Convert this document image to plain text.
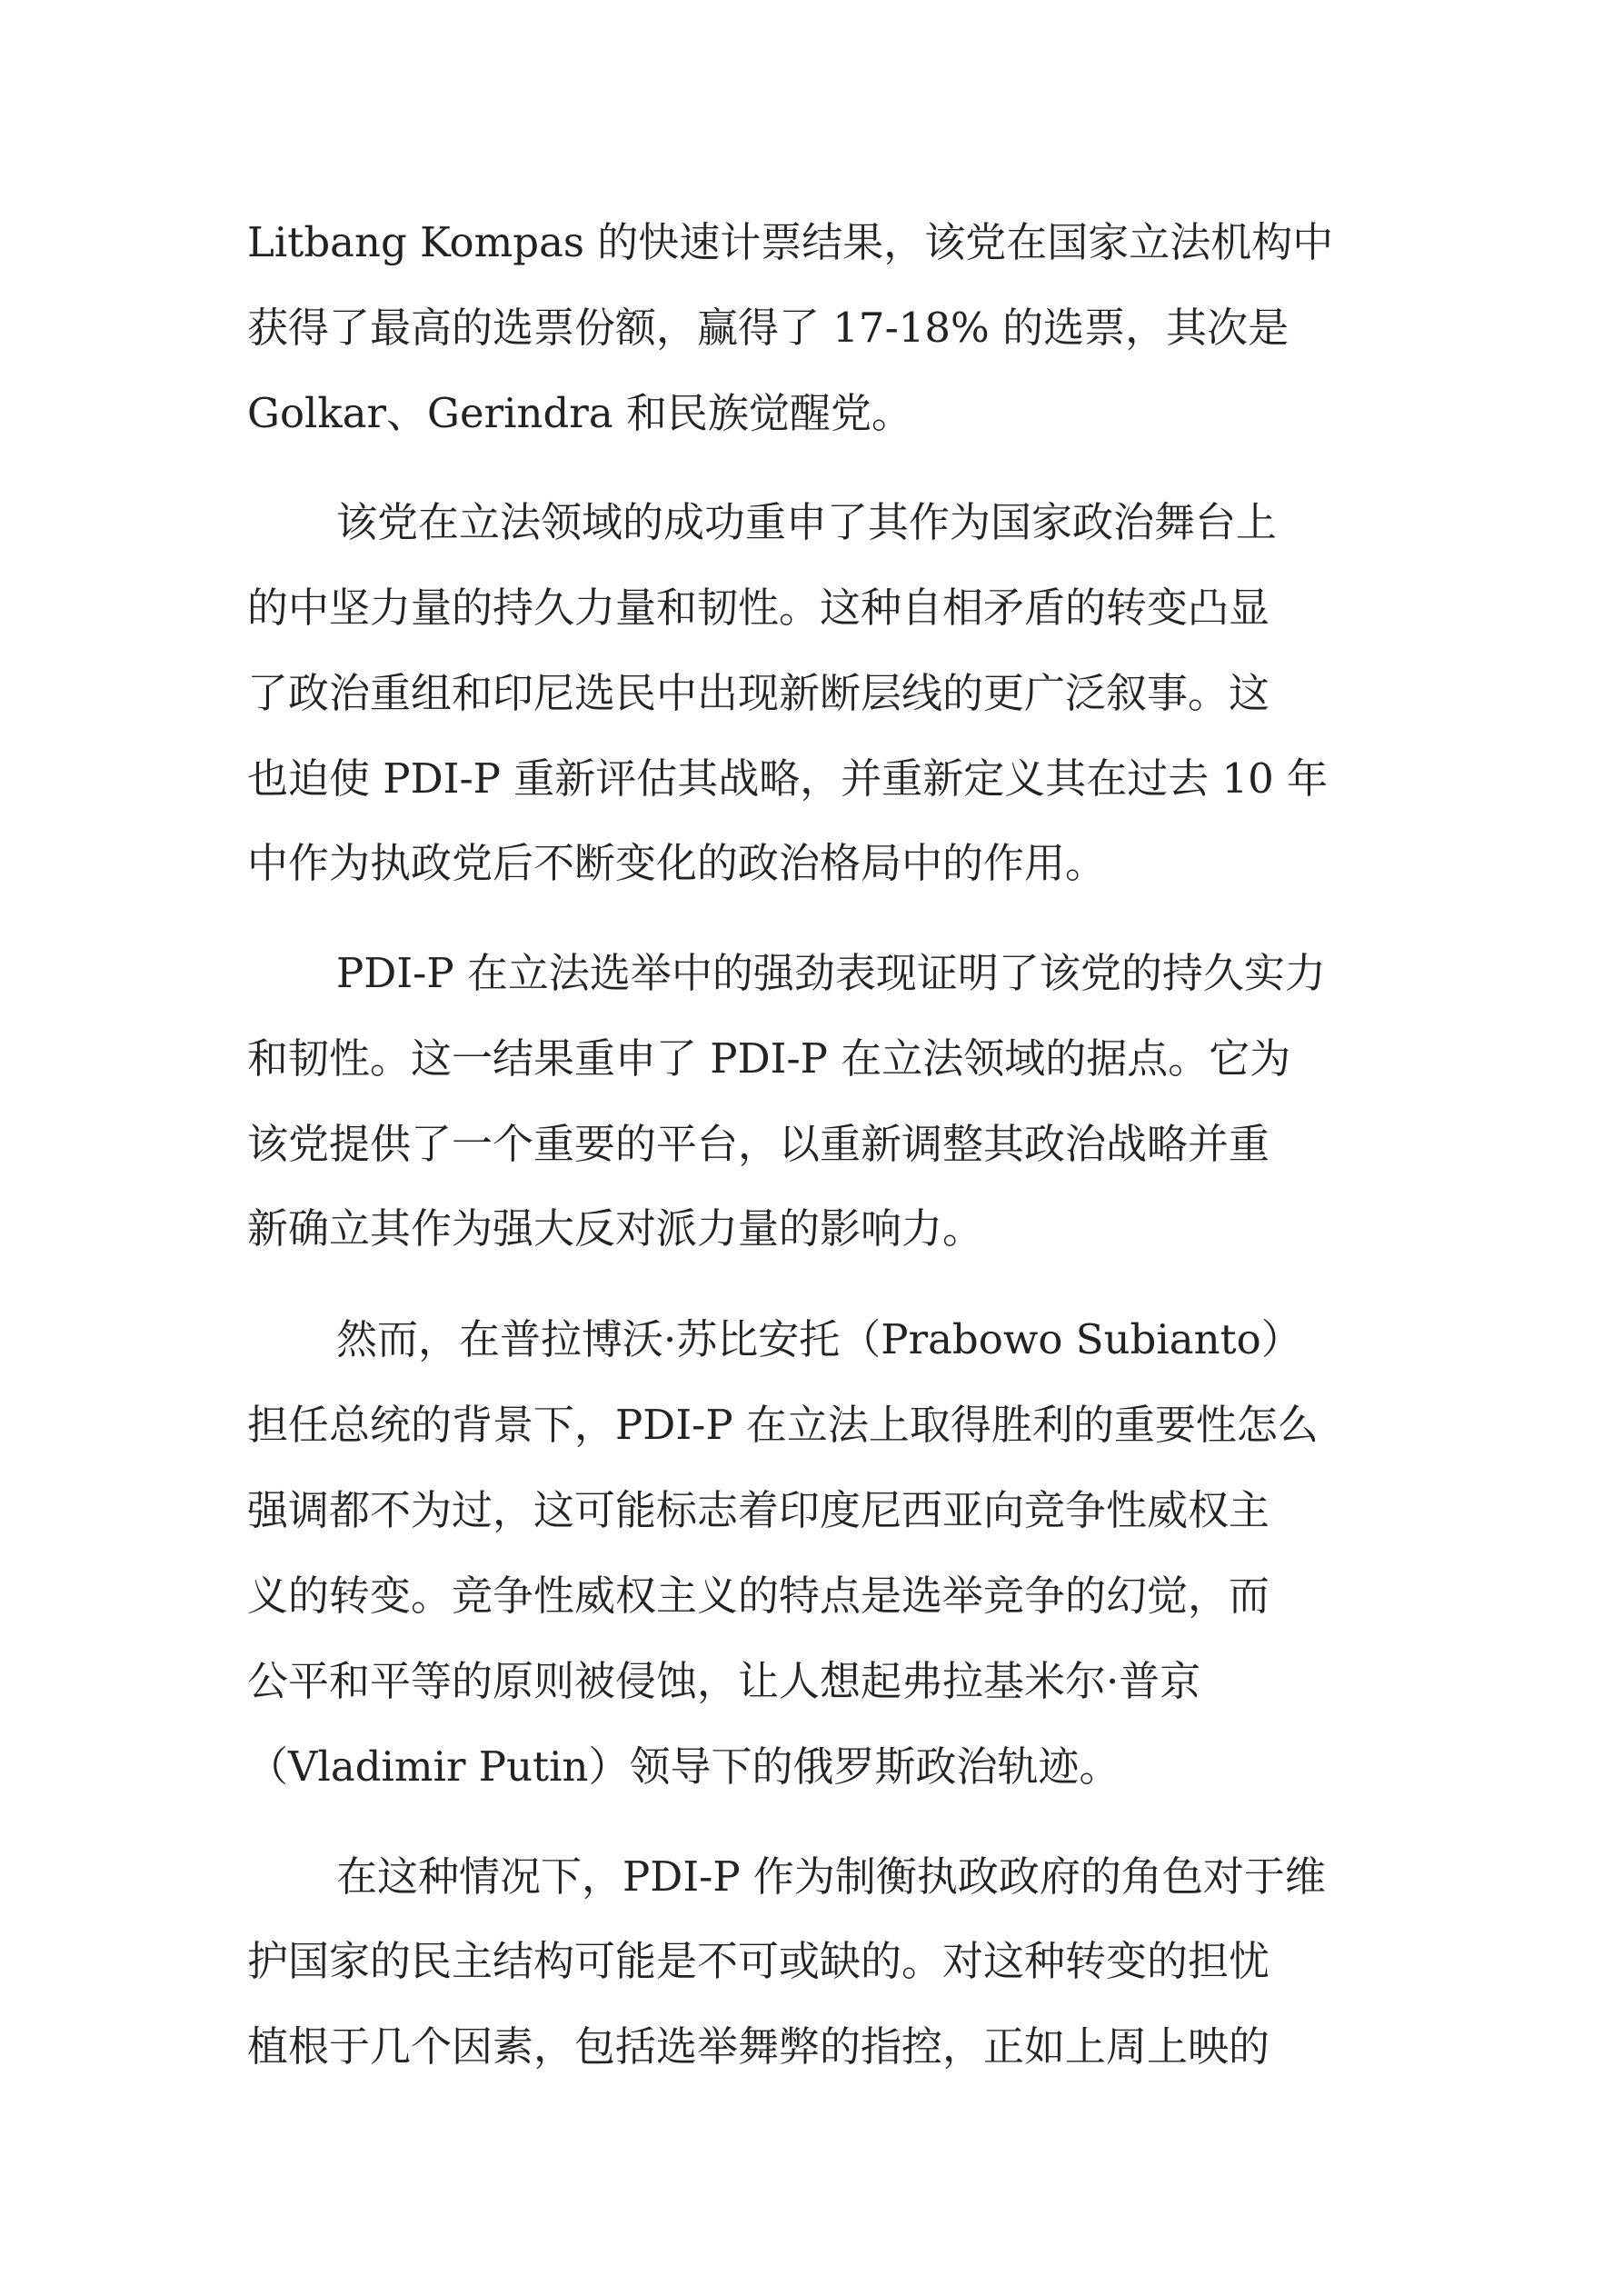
Litbang Kompas 的快速计票结果，该党在国家立法机构中
获得了最高的选票份额，赢得了 17-18% 的选票，其次是
Golkar、Gerindra 和民族觉醒党。
该党在立法领域的成功重申了其作为国家政治舞台上
的中坚力量的持久力量和韧性。这种自相矛盾的转变凸显
了政治重组和印尼选民中出现新断层线的更广泛叙事。这
也迫使 PDI-P 重新评估其战略，并重新定义其在过去 10 年
中作为执政党后不断变化的政治格局中的作用。
PDI-P 在立法选举中的强劲表现证明了该党的持久实力
和韧性。这一结果重申了 PDI-P 在立法领域的据点。它为
该党提供了一个重要的平台，以重新调整其政治战略并重
新确立其作为强大反对派力量的影响力。
然而，在普拉博沃·苏比安托（Prabowo Subianto）
担任总统的背景下，PDI-P 在立法上取得胜利的重要性怎么
强调都不为过，这可能标志着印度尼西亚向竞争性威权主
义的转变。竞争性威权主义的特点是选举竞争的幻觉，而
公平和平等的原则被侵蚀，让人想起弗拉基米尔·普京
（Vladimir Putin）领导下的俄罗斯政治轨迹。
在这种情况下，PDI-P 作为制衡执政政府的角色对于维
护国家的民主结构可能是不可或缺的。对这种转变的担忧
植根于几个因素，包括选举舞弊的指控，正如上周上映的
